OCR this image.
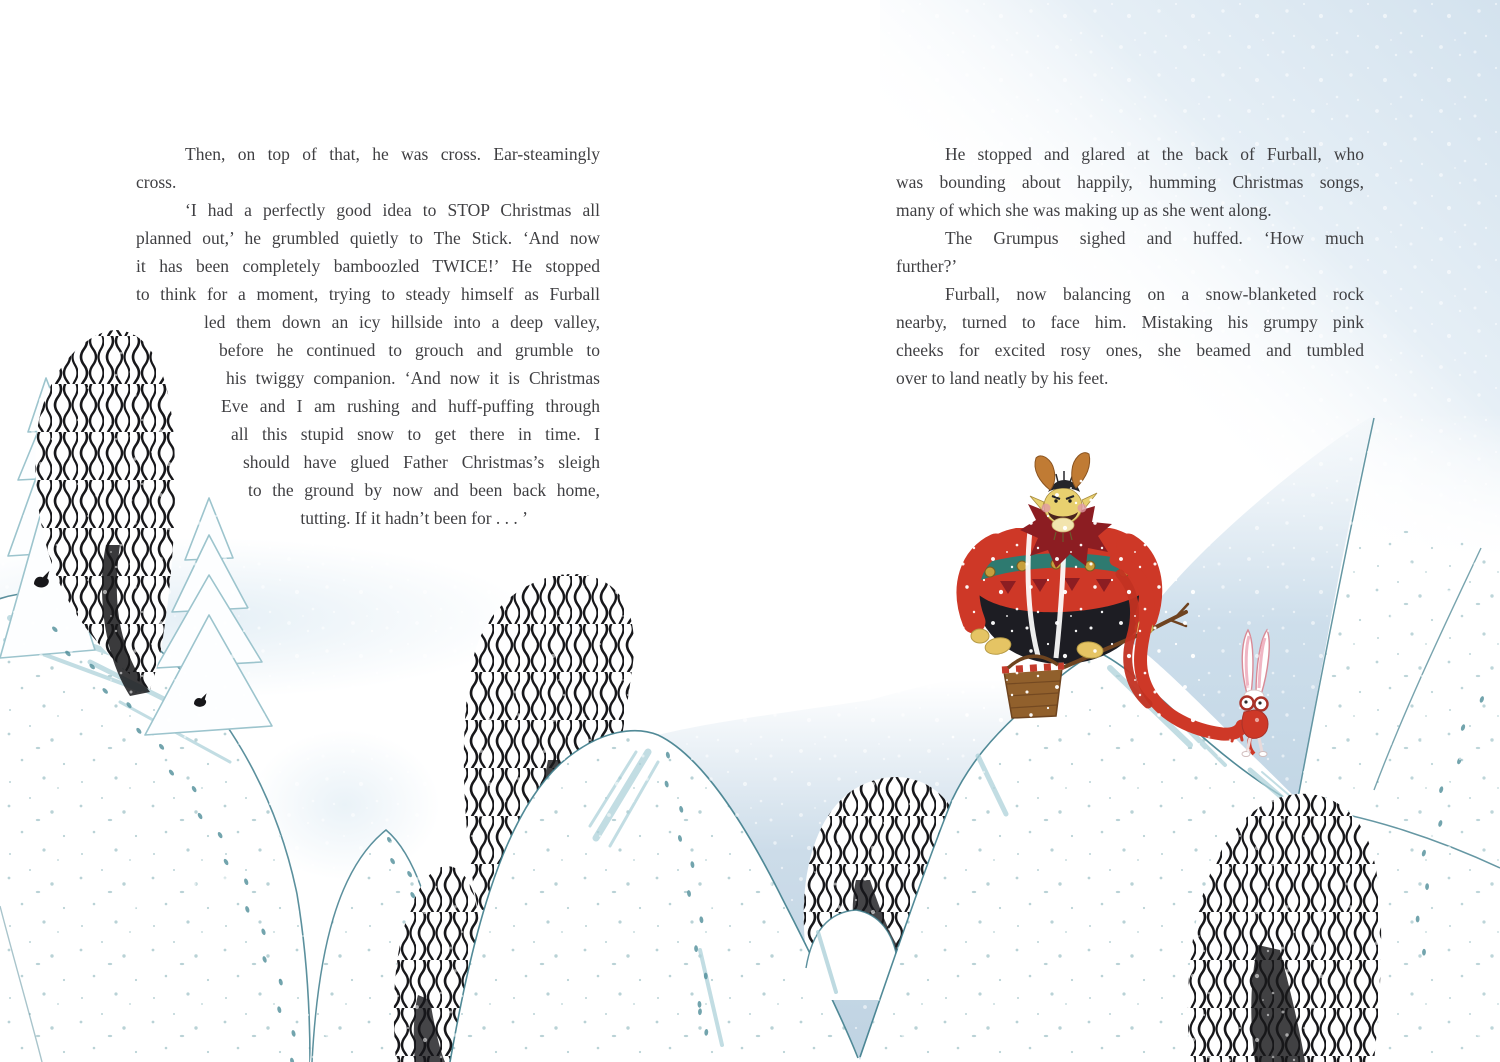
Then, on top of that, he was cross. Ear-steamingly
cross.
‘I had a perfectly good idea to STOP Christmas all
planned out,’ he grumbled quietly to The Stick. ‘And now
it has been completely bamboozled TWICE!’ He stopped
to think for a moment, trying to steady himself as Furball
led them down an icy hillside into a deep valley,
before he continued to grouch and grumble to
his twiggy companion. ‘And now it is Christmas
Eve and I am rushing and huff-puffing through
all this stupid snow to get there in time. I
should have glued Father Christmas’s sleigh
to the ground by now and been back home,
tutting. If it hadn’t been for . . . ’
He stopped and glared at the back of Furball, who
was bounding about happily, humming Christmas songs,
many of which she was making up as she went along.
The Grumpus sighed and huffed. ‘How much
further?’
Furball, now balancing on a snow-blanketed rock
nearby, turned to face him. Mistaking his grumpy pink
cheeks for excited rosy ones, she beamed and tumbled
over to land neatly by his feet.
